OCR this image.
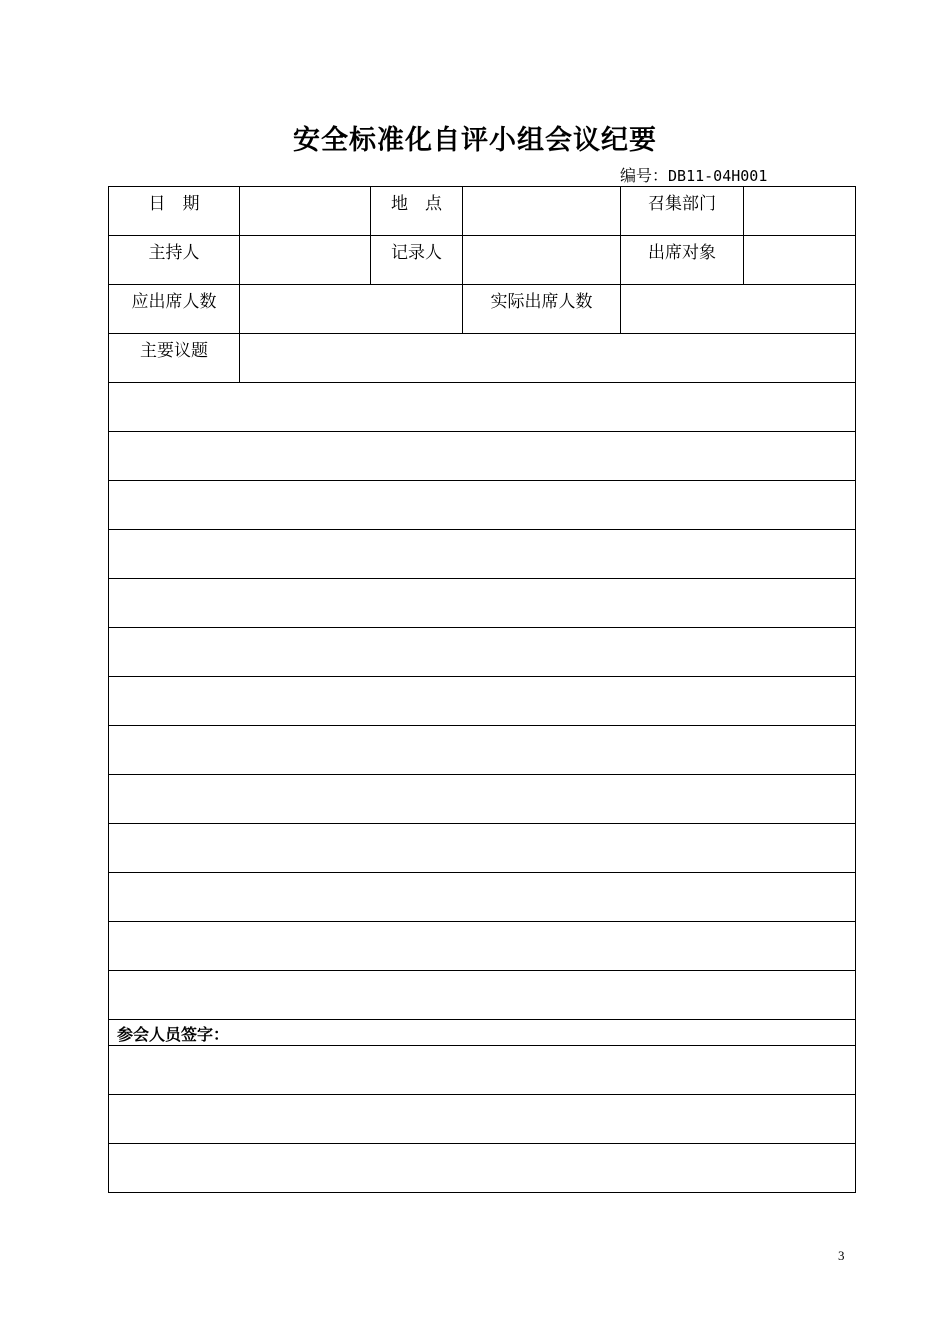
安全标准化自评小组会议纪要
编号：DB11-04H001
日　期		地　点		召集部门	
主持人		记录人		出席对象	
应出席人数			实际出席人数		
主要议题					

参会人员签字：					

3
